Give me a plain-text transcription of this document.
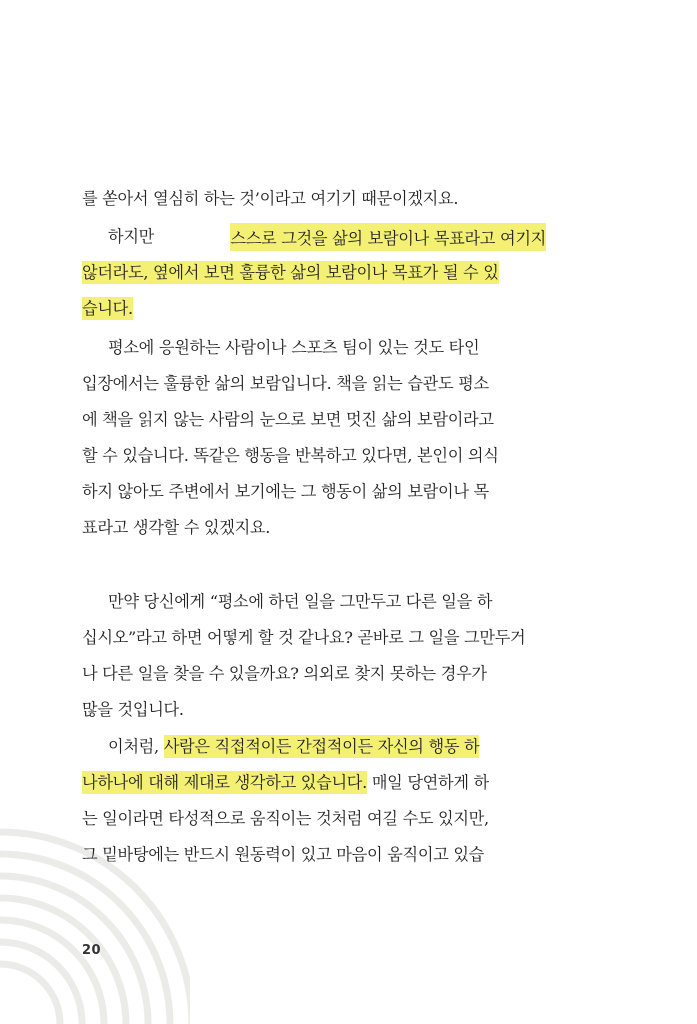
를 쏟아서 열심히 하는 것’이라고 여기기 때문이겠지요.
하지만	스스로 그것을 삶의 보람이나 목표라고 여기지
않더라도, 옆에서 보면 훌륭한 삶의 보람이나 목표가 될 수 있
습니다.
평소에 응원하는 사람이나 스포츠 팀이 있는 것도 타인
입장에서는 훌륭한 삶의 보람입니다. 책을 읽는 습관도 평소
에 책을 읽지 않는 사람의 눈으로 보면 멋진 삶의 보람이라고
할 수 있습니다. 똑같은 행동을 반복하고 있다면, 본인이 의식
하지 않아도 주변에서 보기에는 그 행동이 삶의 보람이나 목
표라고 생각할 수 있겠지요.
만약 당신에게 “평소에 하던 일을 그만두고 다른 일을 하
십시오”라고 하면 어떻게 할 것 같나요? 곧바로 그 일을 그만두거
나 다른 일을 찾을 수 있을까요? 의외로 찾지 못하는 경우가
많을 것입니다.
이처럼, 사람은 직접적이든 간접적이든 자신의 행동 하
나하나에 대해 제대로 생각하고 있습니다. 매일 당연하게 하
는 일이라면 타성적으로 움직이는 것처럼 여길 수도 있지만,
그 밑바탕에는 반드시 원동력이 있고 마음이 움직이고 있습
20
